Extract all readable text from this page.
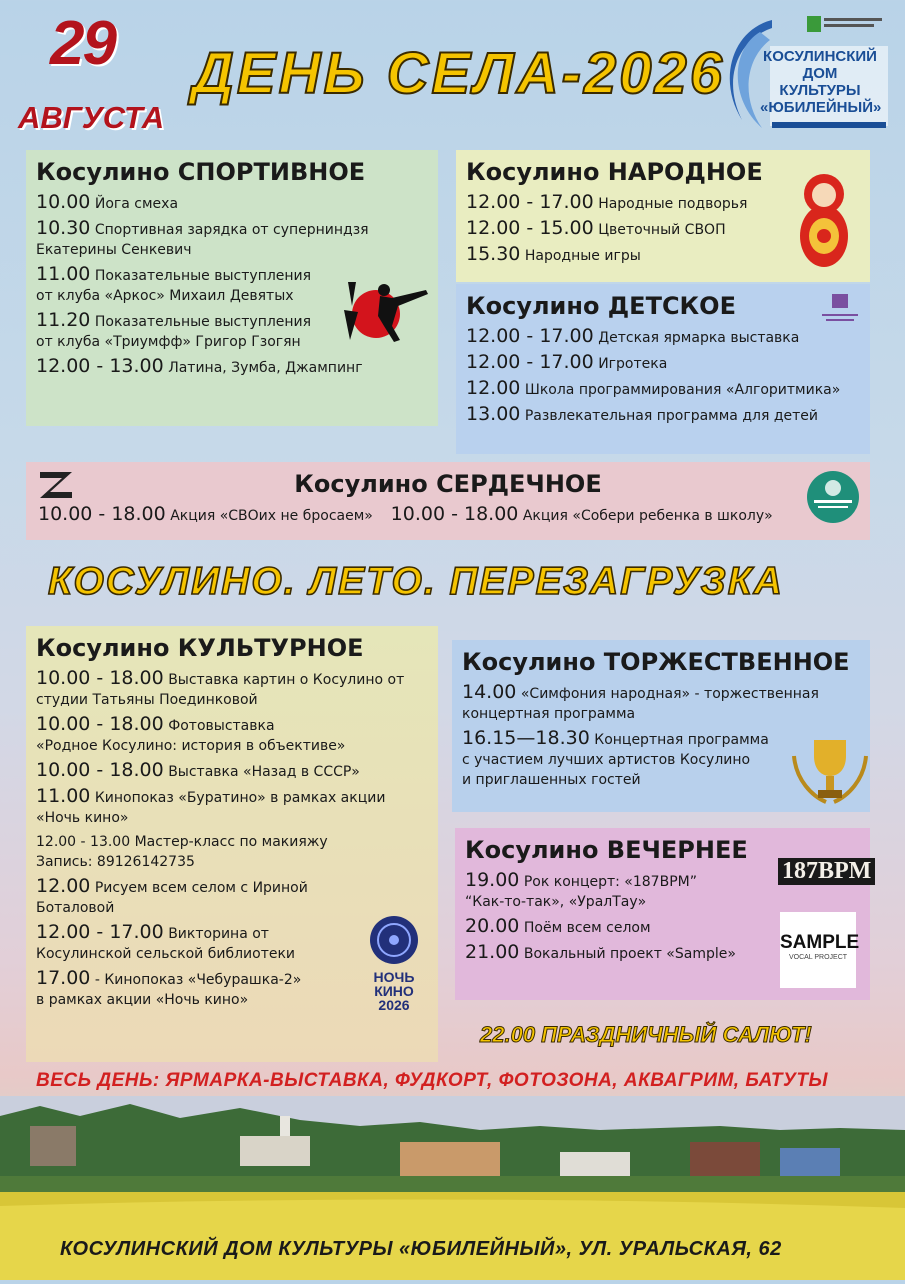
29
АВГУСТА
ДЕНЬ СЕЛА-2026	КОСУЛИНСКИЙ
ДОМ КУЛЬТУРЫ
«ЮБИЛЕЙНЫЙ»
Косулино СПОРТИВНОЕ
10.00 Йога смеха
10.30 Спортивная зарядка от суперниндзя
Екатерины Сенкевич
11.00 Показательные выступления
от клуба «Аркос» Михаил Девятых
11.20 Показательные выступления
от клуба «Триумфф» Григор Гзогян
12.00 - 13.00 Латина, Зумба, Джампинг
Косулино НАРОДНОЕ
12.00 - 17.00 Народные подворья
12.00 - 15.00 Цветочный СВОП
15.30 Народные игры
Косулино ДЕТСКОЕ
12.00 - 17.00 Детская ярмарка выставка
12.00 - 17.00 Игротека
12.00 Школа программирования «Алгоритмика»
13.00 Развлекательная программа для детей
Косулино СЕРДЕЧНОЕ
10.00 - 18.00 Акция «СВОих не бросаем» 10.00 - 18.00 Акция «Собери ребенка в школу»
КОСУЛИНО. ЛЕТО. ПЕРЕЗАГРУЗКА
Косулино КУЛЬТУРНОЕ
10.00 - 18.00 Выставка картин о Косулино от
студии Татьяны Поединковой
10.00 - 18.00 Фотовыставка
«Родное Косулино: история в объективе»
10.00 - 18.00 Выставка «Назад в СССР»
11.00 Кинопоказ «Буратино» в рамках акции
«Ночь кино»
12.00 - 13.00 Мастер-класс по макияжу
Запись: 89126142735
12.00 Рисуем всем селом с Ириной
Боталовой
12.00 - 17.00 Викторина от
Косулинской сельской библиотеки
17.00 - Кинопоказ «Чебурашка-2»
в рамках акции «Ночь кино»
НОЧЬ
КИНО
2026
Косулино ТОРЖЕСТВЕННОЕ
14.00 «Симфония народная» - торжественная
концертная программа
16.15—18.30 Концертная программа
с участием лучших артистов Косулино
и приглашенных гостей
Косулино ВЕЧЕРНЕЕ
19.00 Рок концерт: «187BPM”
“Как-то-так», «УралТау»
20.00 Поём всем селом
21.00 Вокальный проект «Sample»
187BPM
SAMPLE
VOCAL PROJECT
22.00 ПРАЗДНИЧНЫЙ САЛЮТ!
ВЕСЬ ДЕНЬ: ЯРМАРКА-ВЫСТАВКА, ФУДКОРТ, ФОТОЗОНА, АКВАГРИМ, БАТУТЫ
КОСУЛИНСКИЙ ДОМ КУЛЬТУРЫ «ЮБИЛЕЙНЫЙ», УЛ. УРАЛЬСКАЯ, 62
